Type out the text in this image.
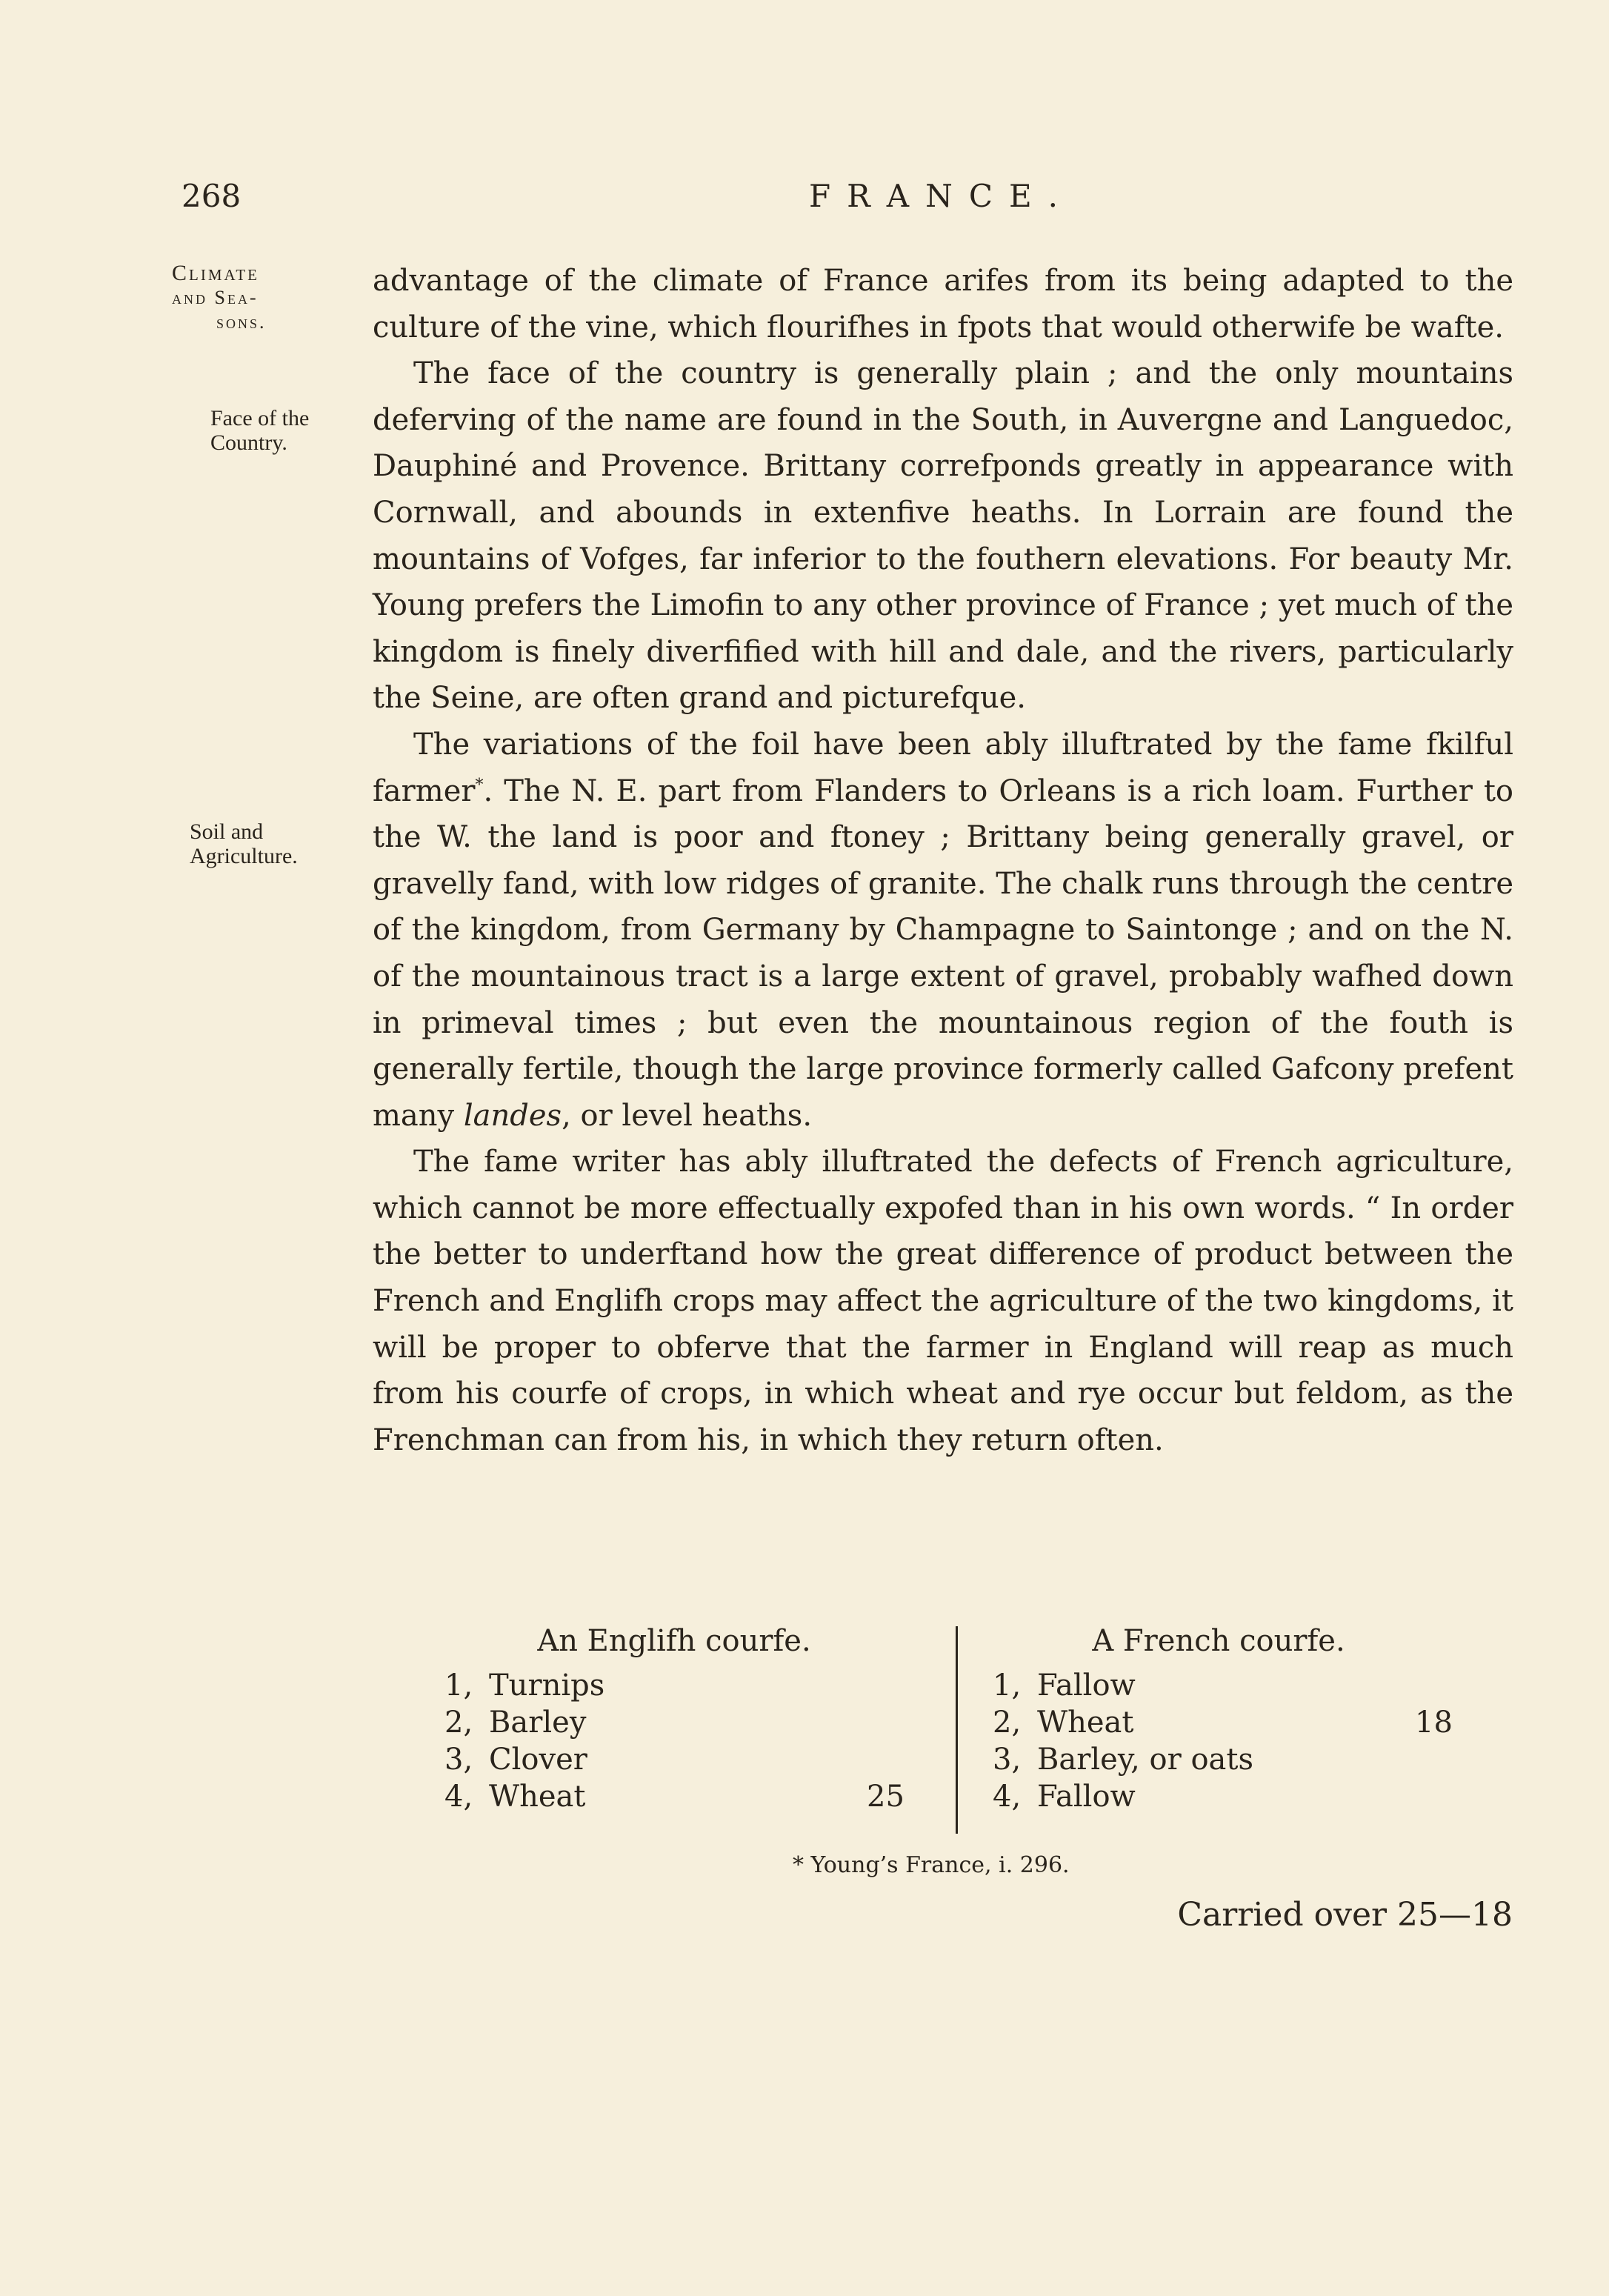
268	FRANCE.
Climate
and Sea-
sons.
Face of the
Country.
Soil and
Agriculture.

advantage of the climate of France arifes from its being adapted to the culture of the vine, which flourifhes in fpots that would otherwife be wafte.

The face of the country is generally plain ; and the only mountains deferving of the name are found in the South, in Auvergne and Languedoc, Dauphiné and Provence. Brittany correfponds greatly in appearance with Cornwall, and abounds in extenfive heaths. In Lorrain are found the mountains of Vofges, far inferior to the fouthern elevations. For beauty Mr. Young prefers the Limofin to any other province of France ; yet much of the kingdom is finely diverfified with hill and dale, and the rivers, particularly the Seine, are often grand and picturefque.

The variations of the foil have been ably illuftrated by the fame fkilful farmer*. The N. E. part from Flanders to Orleans is a rich loam. Further to the W. the land is poor and ftoney ; Brittany being generally gravel, or gravelly fand, with low ridges of granite. The chalk runs through the centre of the kingdom, from Germany by Champagne to Saintonge ; and on the N. of the mountainous tract is a large extent of gravel, probably wafhed down in primeval times ; but even the mountainous region of the fouth is generally fertile, though the large province formerly called Gafcony prefent many landes, or level heaths.

The fame writer has ably illuftrated the defects of French agriculture, which cannot be more effectually expofed than in his own words. “ In order the better to underftand how the great difference of product between the French and Englifh crops may affect the agriculture of the two kingdoms, it will be proper to obferve that the farmer in England will reap as much from his courfe of crops, in which wheat and rye occur but feldom, as the Frenchman can from his, in which they return often.

An Englifh courfe.
1, Turnips
2, Barley
3, Clover
4, Wheat	25
A French courfe.
1, Fallow
2, Wheat	18
3, Barley, or oats
4, Fallow
* Young’s France, i. 296.
Carried over 25—18
